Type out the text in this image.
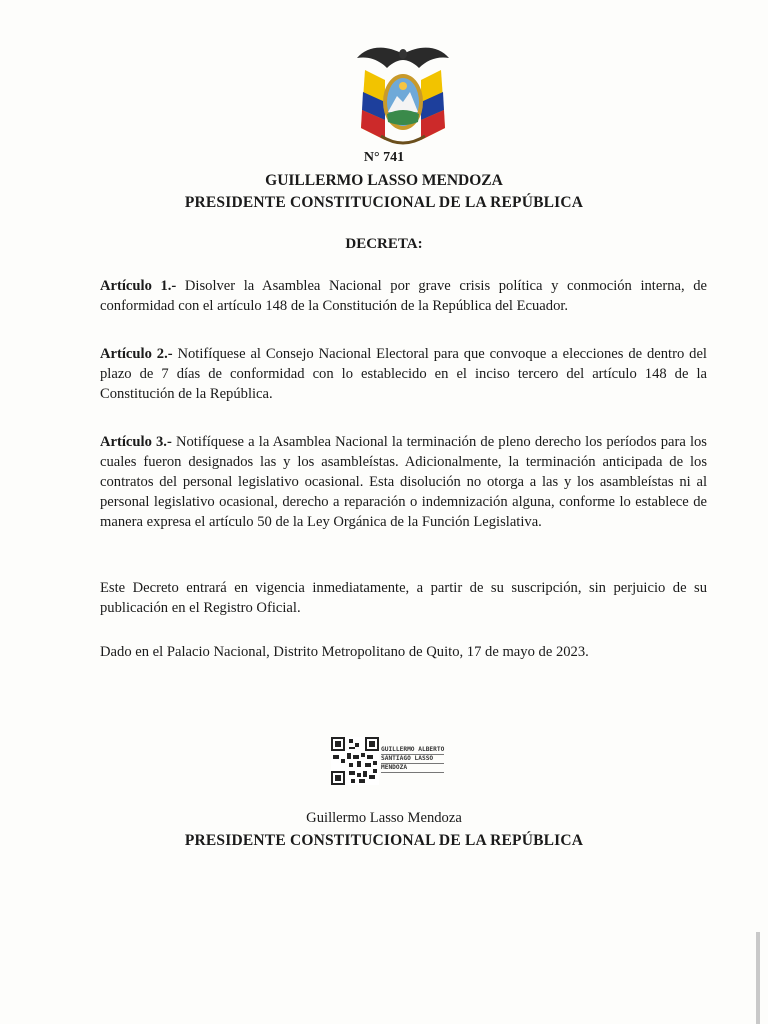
N° 741
GUILLERMO LASSO MENDOZA
PRESIDENTE CONSTITUCIONAL DE LA REPÚBLICA
DECRETA:
Artículo 1.- Disolver la Asamblea Nacional por grave crisis política y conmoción interna, de conformidad con el artículo 148 de la Constitución de la República del Ecuador.
Artículo 2.- Notifíquese al Consejo Nacional Electoral para que convoque a elecciones de dentro del plazo de 7 días de conformidad con lo establecido en el inciso tercero del artículo 148 de la Constitución de la República.
Artículo 3.- Notifíquese a la Asamblea Nacional la terminación de pleno derecho los períodos para los cuales fueron designados las y los asambleístas. Adicionalmente, la terminación anticipada de los contratos del personal legislativo ocasional. Esta disolución no otorga a las y los asambleístas ni al personal legislativo ocasional, derecho a reparación o indemnización alguna, conforme lo establece de manera expresa el artículo 50 de la Ley Orgánica de la Función Legislativa.
Este Decreto entrará en vigencia inmediatamente, a partir de su suscripción, sin perjuicio de su publicación en el Registro Oficial.
Dado en el Palacio Nacional, Distrito Metropolitano de Quito, 17 de mayo de 2023.
GUILLERMO ALBERTO
SANTIAGO LASSO
MENDOZA
Guillermo Lasso Mendoza
PRESIDENTE CONSTITUCIONAL DE LA REPÚBLICA
